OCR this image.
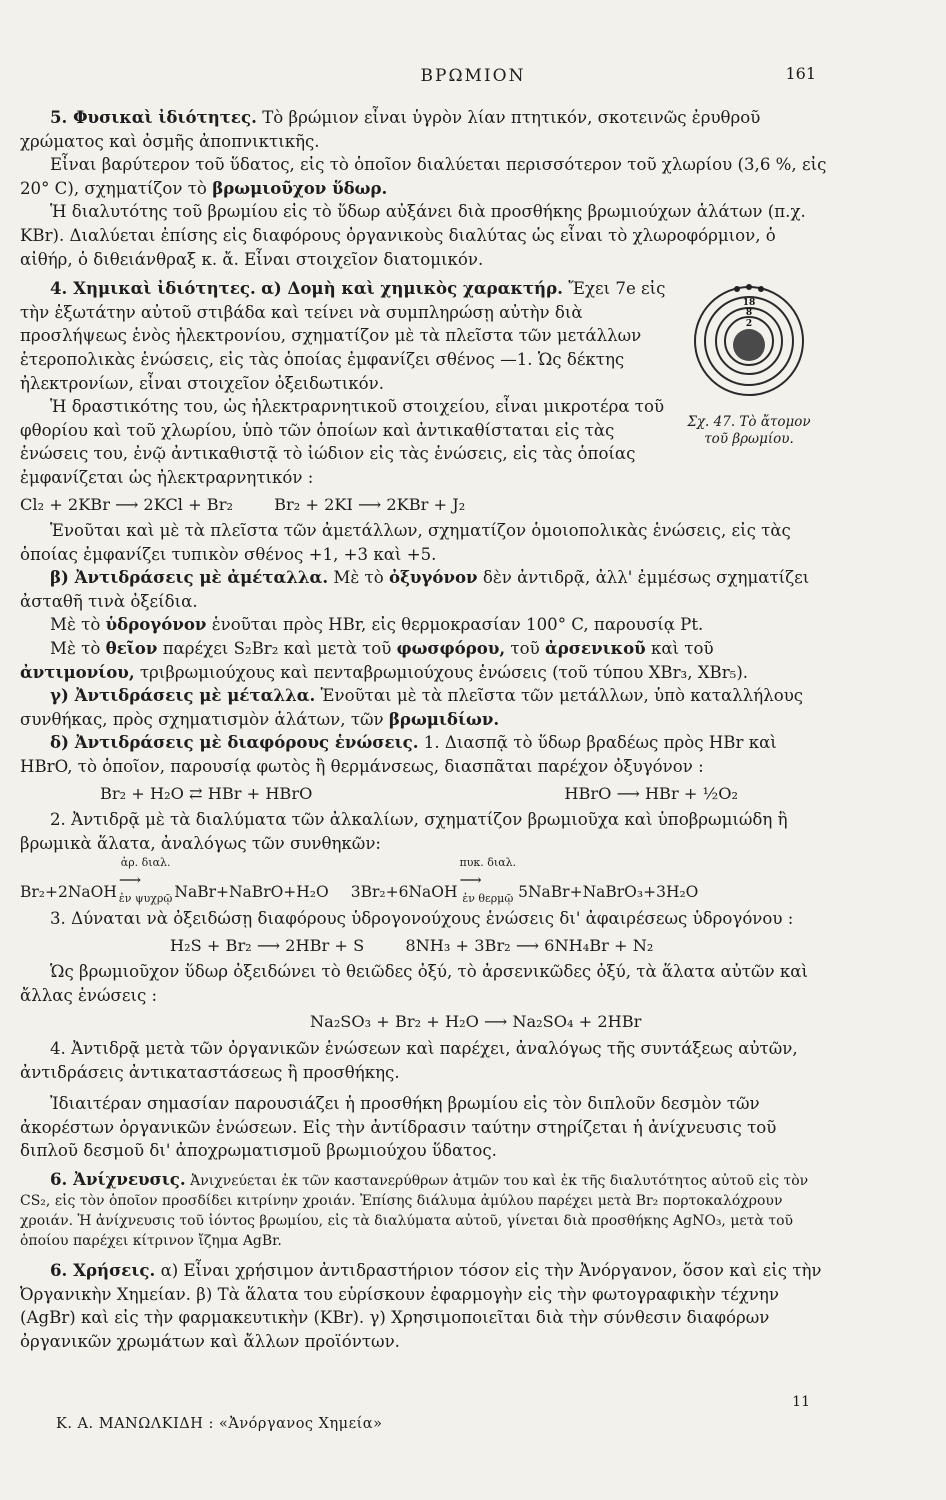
ΒΡΩΜΙΟΝ	161

5. Φυσικαὶ ἰδιότητες. Τὸ βρώμιον εἶναι ὑγρὸν λίαν πτητικόν, σκοτεινῶς ἐρυθροῦ χρώματος καὶ ὀσμῆς ἀποπνικτικῆς.

Εἶναι βαρύτερον τοῦ ὕδατος, εἰς τὸ ὁποῖον διαλύεται περισσότερον τοῦ χλωρίου (3,6 %, εἰς 20° C), σχηματίζον τὸ βρωμιοῦχον ὕδωρ.

Ἡ διαλυτότης τοῦ βρωμίου εἰς τὸ ὕδωρ αὐξάνει διὰ προσθήκης βρωμιούχων ἁλάτων (π.χ. KBr). Διαλύεται ἐπίσης εἰς διαφόρους ὀργανικοὺς διαλύτας ὡς εἶναι τὸ χλωροφόρμιον, ὁ αἰθήρ, ὁ διθειάνθραξ κ. ἄ. Εἶναι στοιχεῖον διατομικόν.

4. Χημικαὶ ἰδιότητες. α) Δομὴ καὶ χημικὸς χαρακτήρ. Ἔχει 7e εἰς τὴν ἐξωτάτην αὐτοῦ στιβάδα καὶ τείνει νὰ συμπληρώσῃ αὐτὴν διὰ προσλήψεως ἑνὸς ἠλεκτρονίου, σχηματίζον μὲ τὰ πλεῖστα τῶν μετάλλων ἑτεροπολικὰς ἑνώσεις, εἰς τὰς ὁποίας ἐμφανίζει σθένος —1. Ὡς δέκτης ἠλεκτρονίων, εἶναι στοιχεῖον ὀξειδωτικόν.

Ἡ δραστικότης του, ὡς ἠλεκτραρνητικοῦ στοιχείου, εἶναι μικροτέρα τοῦ φθορίου καὶ τοῦ χλωρίου, ὑπὸ τῶν ὁποίων καὶ ἀντικαθίσταται εἰς τὰς ἑνώσεις του, ἐνῷ ἀντικαθιστᾷ τὸ ἰώδιον εἰς τὰς ἑνώσεις, εἰς τὰς ὁποίας ἐμφανίζεται ὡς ἠλεκτραρνητικόν :

18
8
2
Σχ. 47. Τὸ ἄτομον
τοῦ βρωμίου.
Cl₂ + 2KBr ⟶ 2KCl + Br₂        Br₂ + 2KI ⟶ 2KBr + J₂

Ἑνοῦται καὶ μὲ τὰ πλεῖστα τῶν ἀμετάλλων, σχηματίζον ὁμοιοπολικὰς ἑνώσεις, εἰς τὰς ὁποίας ἐμφανίζει τυπικὸν σθένος +1, +3 καὶ +5.

β) Ἀντιδράσεις μὲ ἀμέταλλα. Μὲ τὸ ὀξυγόνον δὲν ἀντιδρᾷ, ἀλλ' ἐμμέσως σχηματίζει ἀσταθῆ τινὰ ὀξείδια.

Μὲ τὸ ὑδρογόνον ἑνοῦται πρὸς HBr, εἰς θερμοκρασίαν 100° C, παρουσίᾳ Pt.

Μὲ τὸ θεῖον παρέχει S₂Br₂ καὶ μετὰ τοῦ φωσφόρου, τοῦ ἀρσενικοῦ καὶ τοῦ ἀντιμονίου, τριβρωμιούχους καὶ πενταβρωμιούχους ἑνώσεις (τοῦ τύπου XBr₃, XBr₅).

γ) Ἀντιδράσεις μὲ μέταλλα. Ἑνοῦται μὲ τὰ πλεῖστα τῶν μετάλλων, ὑπὸ καταλλήλους συνθήκας, πρὸς σχηματισμὸν ἁλάτων, τῶν βρωμιδίων.

δ) Ἀντιδράσεις μὲ διαφόρους ἑνώσεις. 1. Διασπᾷ τὸ ὕδωρ βραδέως πρὸς HBr καὶ HBrO, τὸ ὁποῖον, παρουσίᾳ φωτὸς ἢ θερμάνσεως, διασπᾶται παρέχον ὀξυγόνον :

Br₂ + H₂O ⇄ HBr + HBrO	HBrO ⟶ HBr + ½O₂

2. Ἀντιδρᾷ μὲ τὰ διαλύματα τῶν ἀλκαλίων, σχηματίζον βρωμιοῦχα καὶ ὑποβρωμιώδη ἢ βρωμικὰ ἅλατα, ἀναλόγως τῶν συνθηκῶν:

Br₂+2NaOH
ἀρ. διαλ.
⟶
ἐν ψυχρῷ NaBr+NaBrO+H₂O 3Br₂+6NaOH
πυκ. διαλ.
⟶
ἐν θερμῷ 5NaBr+NaBrO₃+3H₂O

3. Δύναται νὰ ὀξειδώσῃ διαφόρους ὑδρογονούχους ἑνώσεις δι' ἀφαιρέσεως ὑδρογόνου :

H₂S + Br₂ ⟶ 2HBr + S        8NH₃ + 3Br₂ ⟶ 6NH₄Br + N₂

Ὡς βρωμιοῦχον ὕδωρ ὀξειδώνει τὸ θειῶδες ὀξύ, τὸ ἀρσενικῶδες ὀξύ, τὰ ἅλατα αὐτῶν καὶ ἄλλας ἑνώσεις :

Na₂SO₃ + Br₂ + H₂O ⟶ Na₂SO₄ + 2HBr

4. Ἀντιδρᾷ μετὰ τῶν ὀργανικῶν ἑνώσεων καὶ παρέχει, ἀναλόγως τῆς συντάξεως αὐτῶν, ἀντιδράσεις ἀντικαταστάσεως ἢ προσθήκης.

Ἰδιαιτέραν σημασίαν παρουσιάζει ἡ προσθήκη βρωμίου εἰς τὸν διπλοῦν δεσμὸν τῶν ἀκορέστων ὀργανικῶν ἑνώσεων. Εἰς τὴν ἀντίδρασιν ταύτην στηρίζεται ἡ ἀνίχνευσις τοῦ διπλοῦ δεσμοῦ δι' ἀποχρωματισμοῦ βρωμιούχου ὕδατος.

6. Ἀνίχνευσις. Ἀνιχνεύεται ἐκ τῶν καστανερύθρων ἀτμῶν του καὶ ἐκ τῆς διαλυτότητος αὐτοῦ εἰς τὸν CS₂, εἰς τὸν ὁποῖον προσδίδει κιτρίνην χροιάν. Ἐπίσης διάλυμα ἀμύλου παρέχει μετὰ Br₂ πορτοκαλόχρουν χροιάν. Ἡ ἀνίχνευσις τοῦ ἰόντος βρωμίου, εἰς τὰ διαλύματα αὐτοῦ, γίνεται διὰ προσθήκης AgNO₃, μετὰ τοῦ ὁποίου παρέχει κίτρινον ἴζημα AgBr.

6. Χρήσεις. α) Εἶναι χρήσιμον ἀντιδραστήριον τόσον εἰς τὴν Ἀνόργανον, ὅσον καὶ εἰς τὴν Ὀργανικὴν Χημείαν. β) Τὰ ἅλατα του εὑρίσκουν ἐφαρμογὴν εἰς τὴν φωτογραφικὴν τέχνην (AgBr) καὶ εἰς τὴν φαρμακευτικὴν (KBr). γ) Χρησιμοποιεῖται διὰ τὴν σύνθεσιν διαφόρων ὀργανικῶν χρωμάτων καὶ ἄλλων προϊόντων.

11
Κ. Α. ΜΑΝΩΛΚΙΔΗ : «Ἀνόργανος Χημεία»
